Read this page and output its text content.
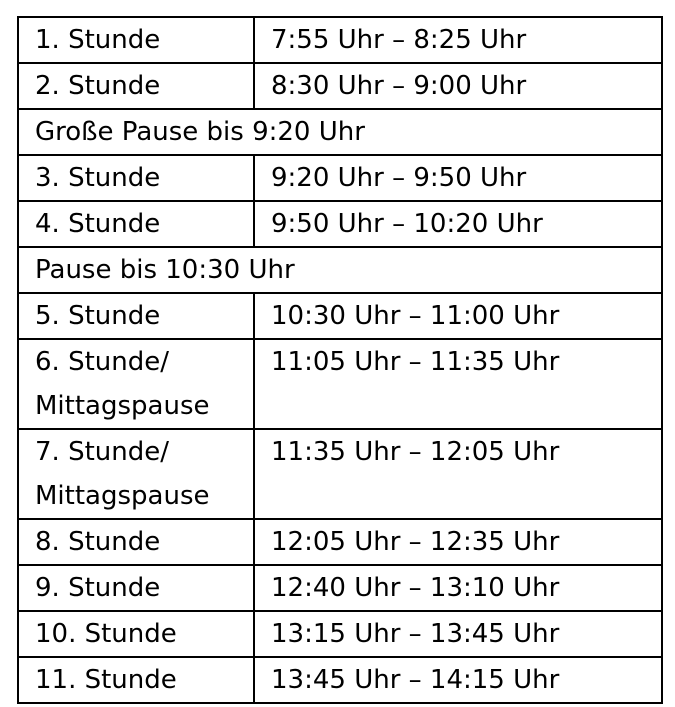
1. Stunde	7:55 Uhr – 8:25 Uhr
2. Stunde	8:30 Uhr – 9:00 Uhr
Große Pause bis 9:20 Uhr	
3. Stunde	9:20 Uhr – 9:50 Uhr
4. Stunde	9:50 Uhr – 10:20 Uhr
Pause bis 10:30 Uhr	
5. Stunde	10:30 Uhr – 11:00 Uhr
6. Stunde/ Mittagspause	11:05 Uhr – 11:35 Uhr
7. Stunde/ Mittagspause	11:35 Uhr – 12:05 Uhr
8. Stunde	12:05 Uhr – 12:35 Uhr
9. Stunde	12:40 Uhr – 13:10 Uhr
10. Stunde	13:15 Uhr – 13:45 Uhr
11. Stunde	13:45 Uhr – 14:15 Uhr
